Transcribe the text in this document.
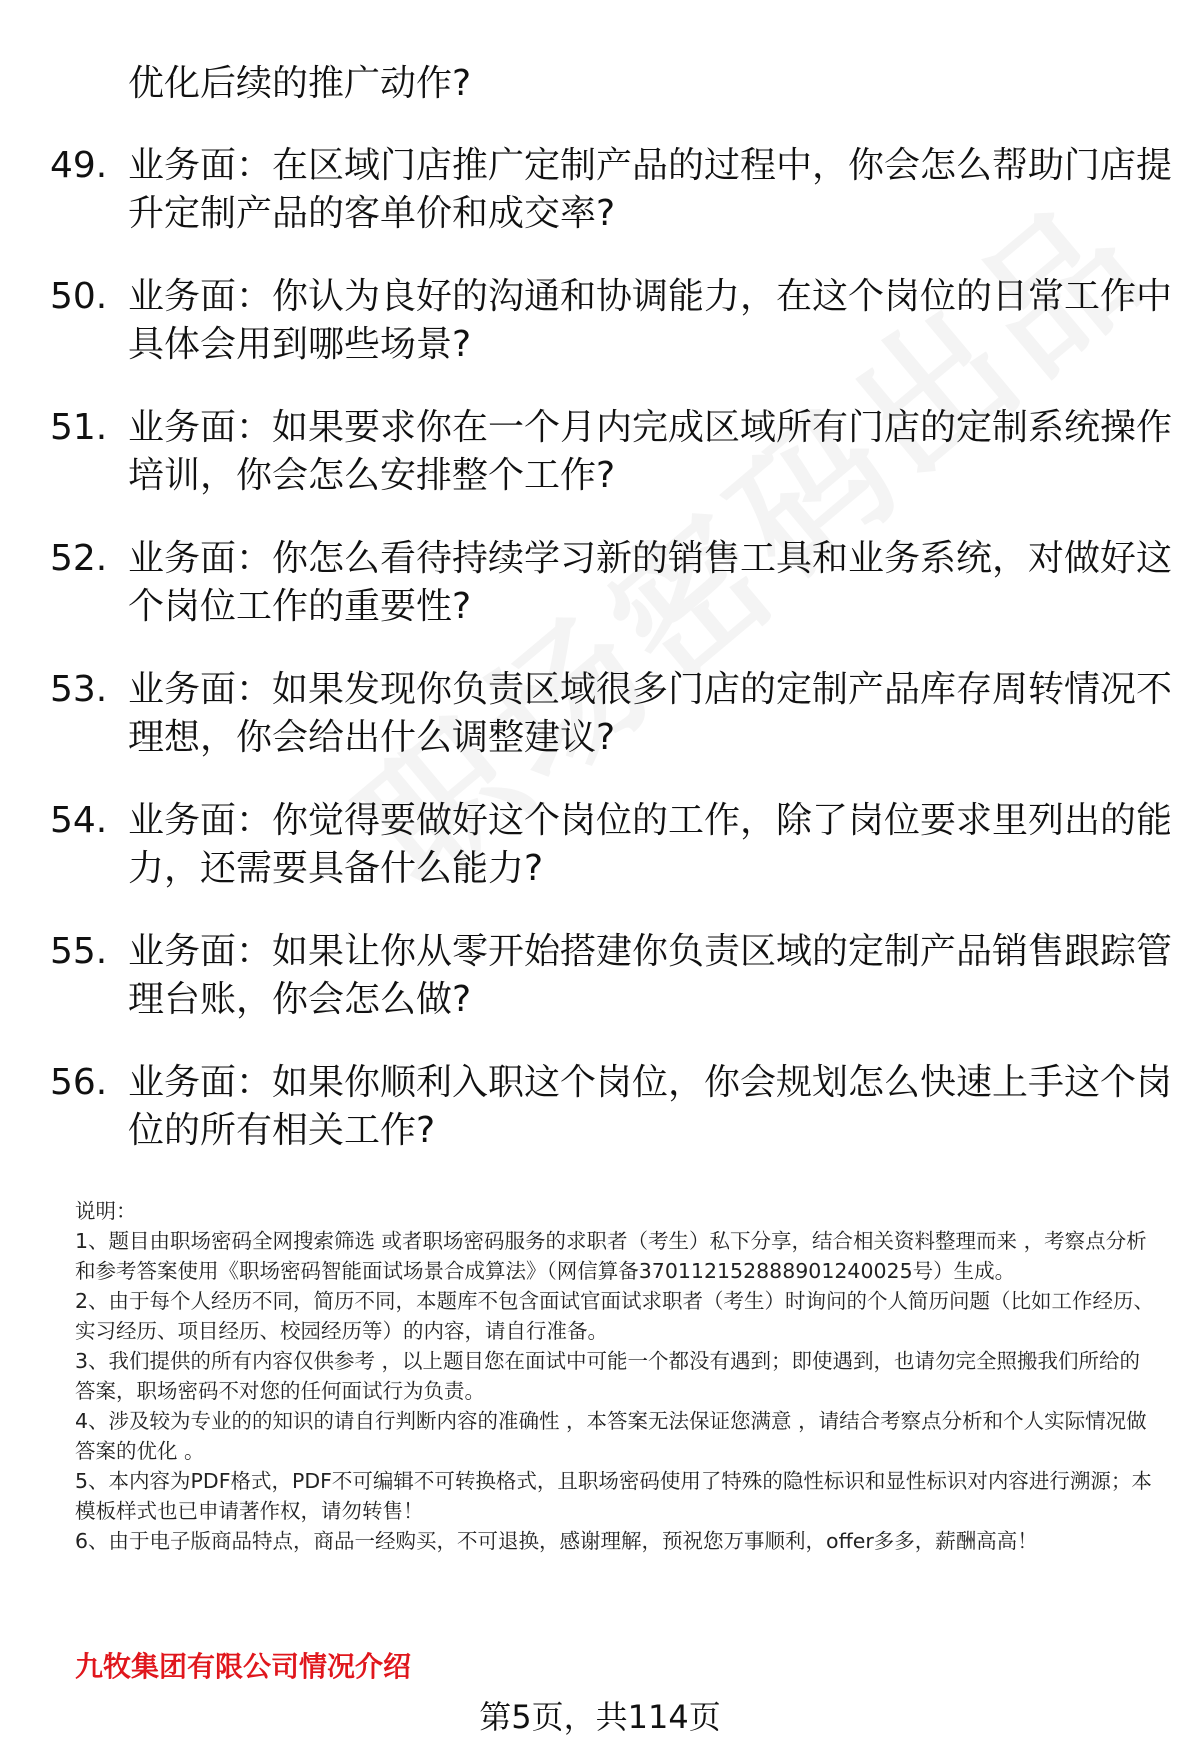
优化后续的推广动作?
49. 业务面：在区域门店推广定制产品的过程中，你会怎么帮助门店提升定制产品的客单价和成交率?
50. 业务面：你认为良好的沟通和协调能力，在这个岗位的日常工作中具体会用到哪些场景?
51. 业务面：如果要求你在一个月内完成区域所有门店的定制系统操作培训，你会怎么安排整个工作?
52. 业务面：你怎么看待持续学习新的销售工具和业务系统，对做好这个岗位工作的重要性?
53. 业务面：如果发现你负责区域很多门店的定制产品库存周转情况不理想，你会给出什么调整建议?
54. 业务面：你觉得要做好这个岗位的工作，除了岗位要求里列出的能力，还需要具备什么能力?
55. 业务面：如果让你从零开始搭建你负责区域的定制产品销售跟踪管理台账，你会怎么做?
56. 业务面：如果你顺利入职这个岗位，你会规划怎么快速上手这个岗位的所有相关工作?

说明：

1、题目由职场密码全网搜索筛选 或者职场密码服务的求职者（考生）私下分享，结合相关资料整理而来 ，考察点分析和参考答案使用《职场密码智能面试场景合成算法》（网信算备370112152888901240025号）生成。

2、由于每个人经历不同，简历不同，本题库不包含面试官面试求职者（考生）时询问的个人简历问题（比如工作经历、实习经历、项目经历、校园经历等）的内容，请自行准备。

3、我们提供的所有内容仅供参考 ，以上题目您在面试中可能一个都没有遇到；即使遇到，也请勿完全照搬我们所给的答案，职场密码不对您的任何面试行为负责。

4、涉及较为专业的的知识的请自行判断内容的准确性 ，本答案无法保证您满意 ，请结合考察点分析和个人实际情况做答案的优化 。

5、本内容为PDF格式，PDF不可编辑不可转换格式，且职场密码使用了特殊的隐性标识和显性标识对内容进行溯源；本模板样式也已申请著作权，请勿转售！

6、由于电子版商品特点，商品一经购买，不可退换，感谢理解，预祝您万事顺利，offer多多，薪酬高高！

九牧集团有限公司情况介绍
第5页，共114页
